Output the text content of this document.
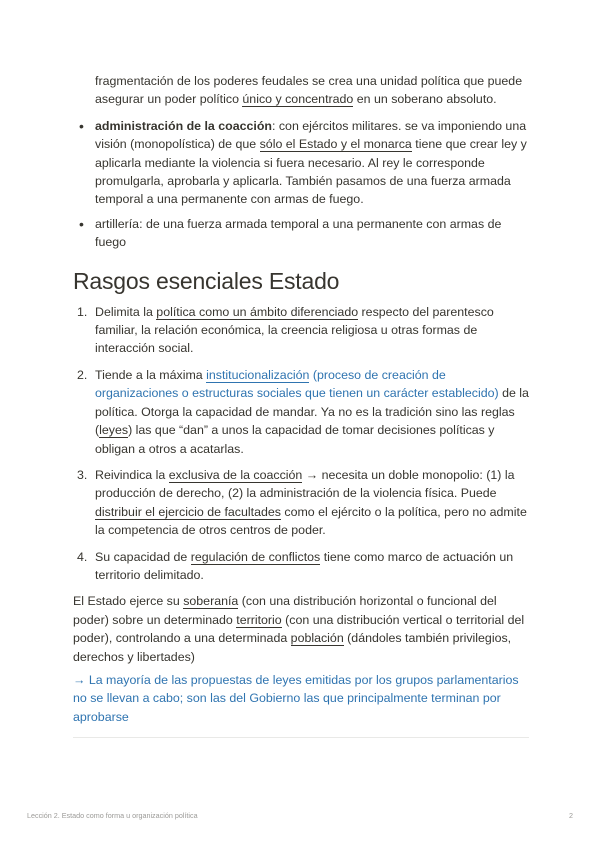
fragmentación de los poderes feudales se crea una unidad política que puede asegurar un poder político único y concentrado en un soberano absoluto.

• administración de la coacción: con ejércitos militares. se va imponiendo una visión (monopolística) de que sólo el Estado y el monarca tiene que crear ley y aplicarla mediante la violencia si fuera necesario. Al rey le corresponde promulgarla, aprobarla y aplicarla. También pasamos de una fuerza armada temporal a una permanente con armas de fuego.
• artillería: de una fuerza armada temporal a una permanente con armas de fuego
Rasgos esenciales Estado
1. Delimita la política como un ámbito diferenciado respecto del parentesco familiar, la relación económica, la creencia religiosa u otras formas de interacción social.
2. Tiende a la máxima institucionalización (proceso de creación de organizaciones o estructuras sociales que tienen un carácter establecido) de la política. Otorga la capacidad de mandar. Ya no es la tradición sino las reglas (leyes) las que “dan” a unos la capacidad de tomar decisiones políticas y obligan a otros a acatarlas.
3. Reivindica la exclusiva de la coacción → necesita un doble monopolio: (1) la producción de derecho, (2) la administración de la violencia física. Puede distribuir el ejercicio de facultades como el ejército o la política, pero no admite la competencia de otros centros de poder.
4. Su capacidad de regulación de conflictos tiene como marco de actuación un territorio delimitado.

El Estado ejerce su soberanía (con una distribución horizontal o funcional del poder) sobre un determinado territorio (con una distribución vertical o territorial del poder), controlando a una determinada población (dándoles también privilegios, derechos y libertades)

→ La mayoría de las propuestas de leyes emitidas por los grupos parlamentarios no se llevan a cabo; son las del Gobierno las que principalmente terminan por aprobarse

Lección 2. Estado como forma u organización política	2
